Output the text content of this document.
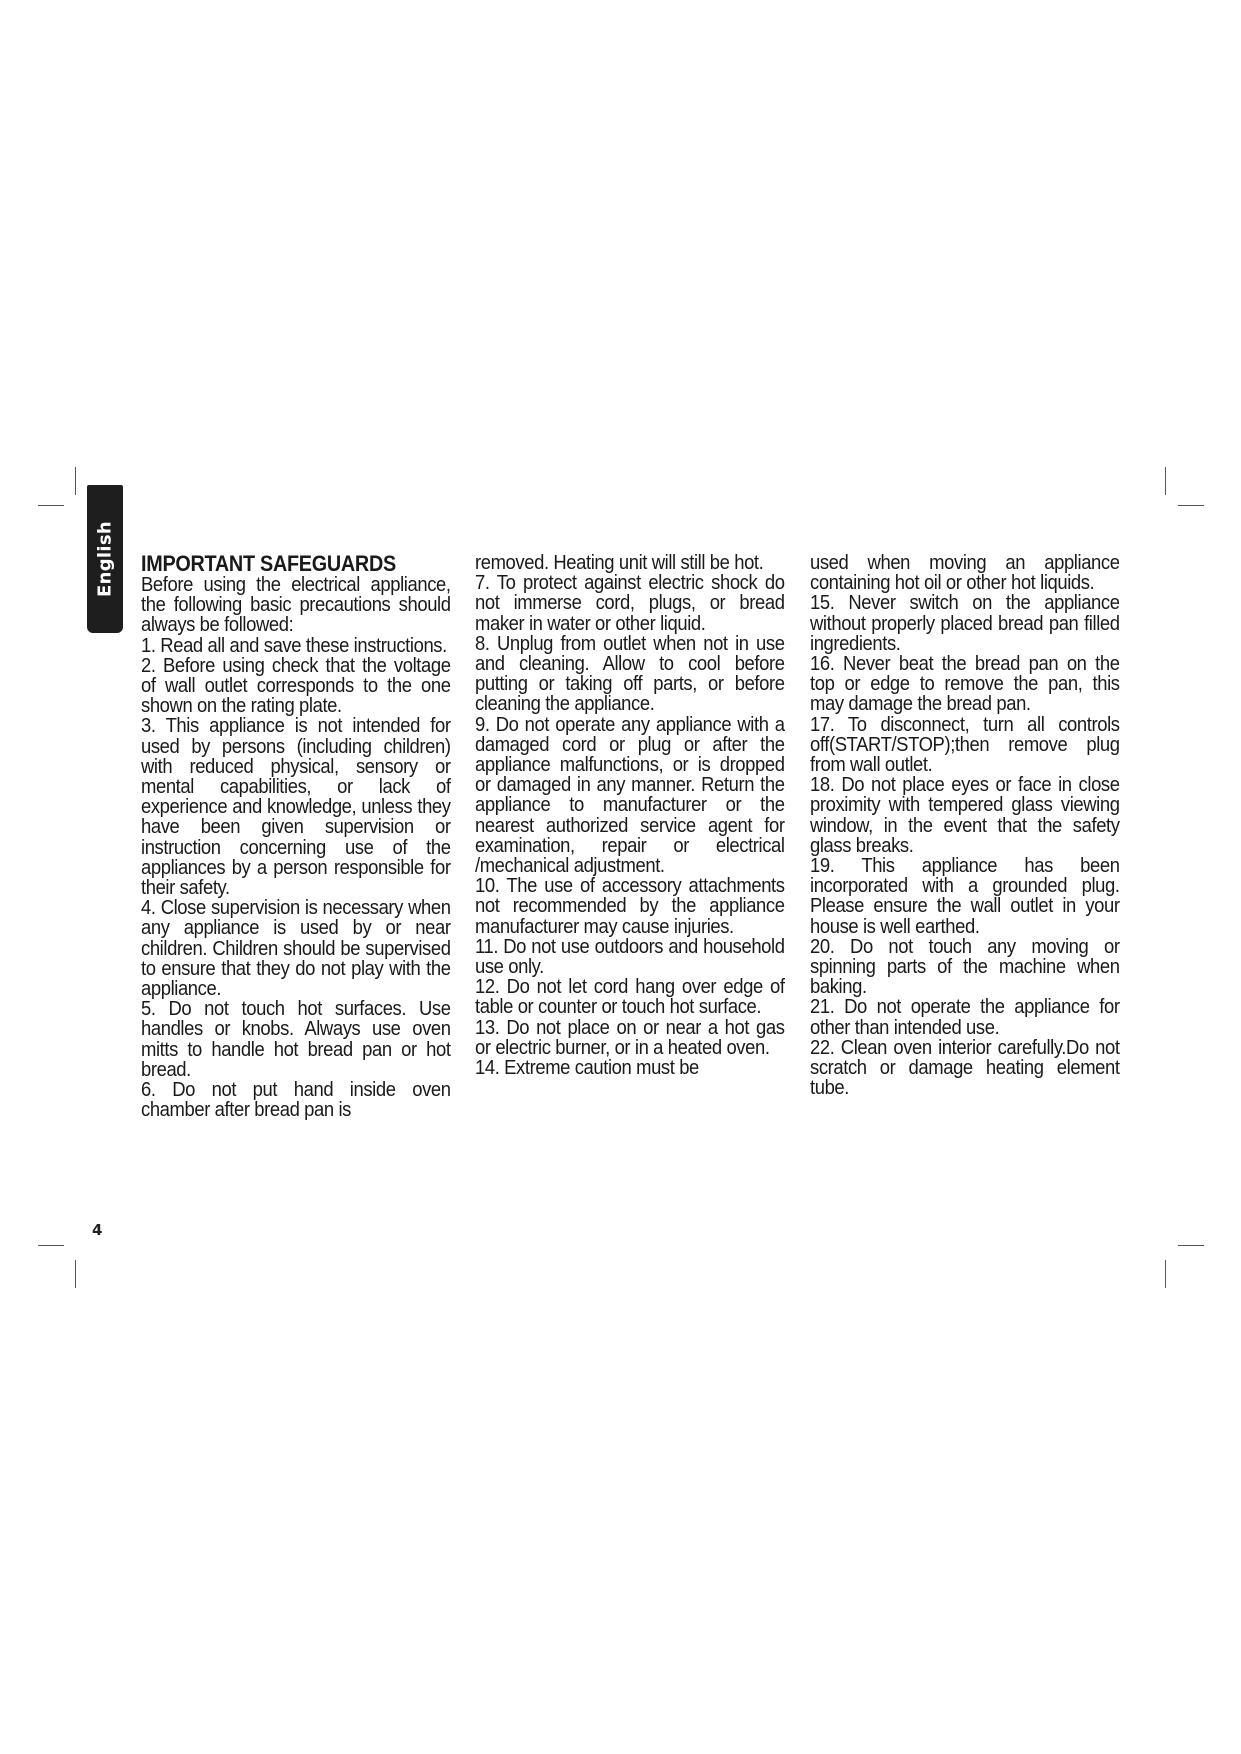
English
4

IMPORTANT SAFEGUARDS

Before using the electrical appliance, the following basic precautions should always be followed:

1. Read all and save these instructions.

2. Before using check that the voltage of wall outlet corresponds to the one shown on the rating plate.

3. This appliance is not intended for used by persons (including children) with reduced physical, sensory or mental capabilities, or lack of experience and knowledge, unless they have been given supervision or instruction concerning use of the appliances by a person responsible for their safety.

4. Close supervision is necessary when any appliance is used by or near children. Children should be supervised to ensure that they do not play with the appliance.

5. Do not touch hot surfaces. Use handles or knobs. Always use oven mitts to handle hot bread pan or hot bread.

6. Do not put hand inside oven chamber after bread pan is

removed. Heating unit will still be hot.

7. To protect against electric shock do not immerse cord, plugs, or bread maker in water or other liquid.

8. Unplug from outlet when not in use and cleaning. Allow to cool before putting or taking off parts, or before cleaning the appliance.

9. Do not operate any appliance with a damaged cord or plug or after the appliance malfunctions, or is dropped or damaged in any manner. Return the appliance to manufacturer or the nearest authorized service agent for examination, repair or electrical /mechanical adjustment.

10. The use of accessory attachments not recommended by the appliance manufacturer may cause injuries.

11. Do not use outdoors and household use only.

12. Do not let cord hang over edge of table or counter or touch hot surface.

13. Do not place on or near a hot gas or electric burner, or in a heated oven.

14. Extreme caution must be

used when moving an appliance containing hot oil or other hot liquids.

15. Never switch on the appliance without properly placed bread pan filled ingredients.

16. Never beat the bread pan on the top or edge to remove the pan, this may damage the bread pan.

17. To disconnect, turn all controls off(START/STOP);then remove plug from wall outlet.

18. Do not place eyes or face in close proximity with tempered glass viewing window, in the event that the safety glass breaks.

19. This appliance has been incorporated with a grounded plug. Please ensure the wall outlet in your house is well earthed.

20. Do not touch any moving or spinning parts of the machine when baking.

21. Do not operate the appliance for other than intended use.

22. Clean oven interior carefully.Do not scratch or damage heating element tube.
